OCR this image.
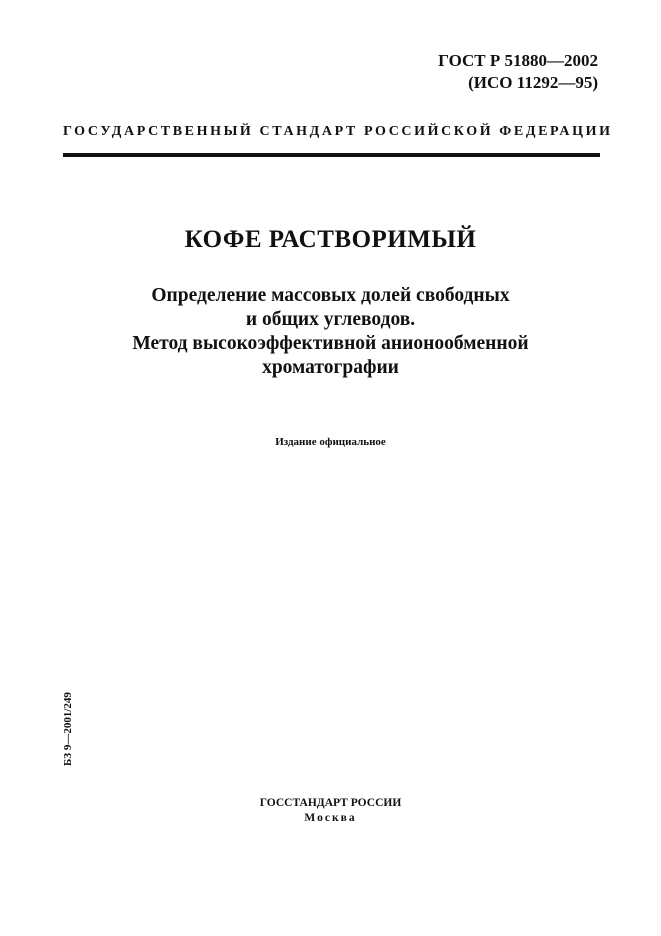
ГОСТ Р 51880—2002
(ИСО 11292—95)
ГОСУДАРСТВЕННЫЙ СТАНДАРТ РОССИЙСКОЙ ФЕДЕРАЦИИ
КОФЕ РАСТВОРИМЫЙ
Определение массовых долей свободных
и общих углеводов.
Метод высокоэффективной анионообменной
хроматографии
Издание официальное
БЗ 9—2001/249
ГОССТАНДАРТ РОССИИ
Москва
